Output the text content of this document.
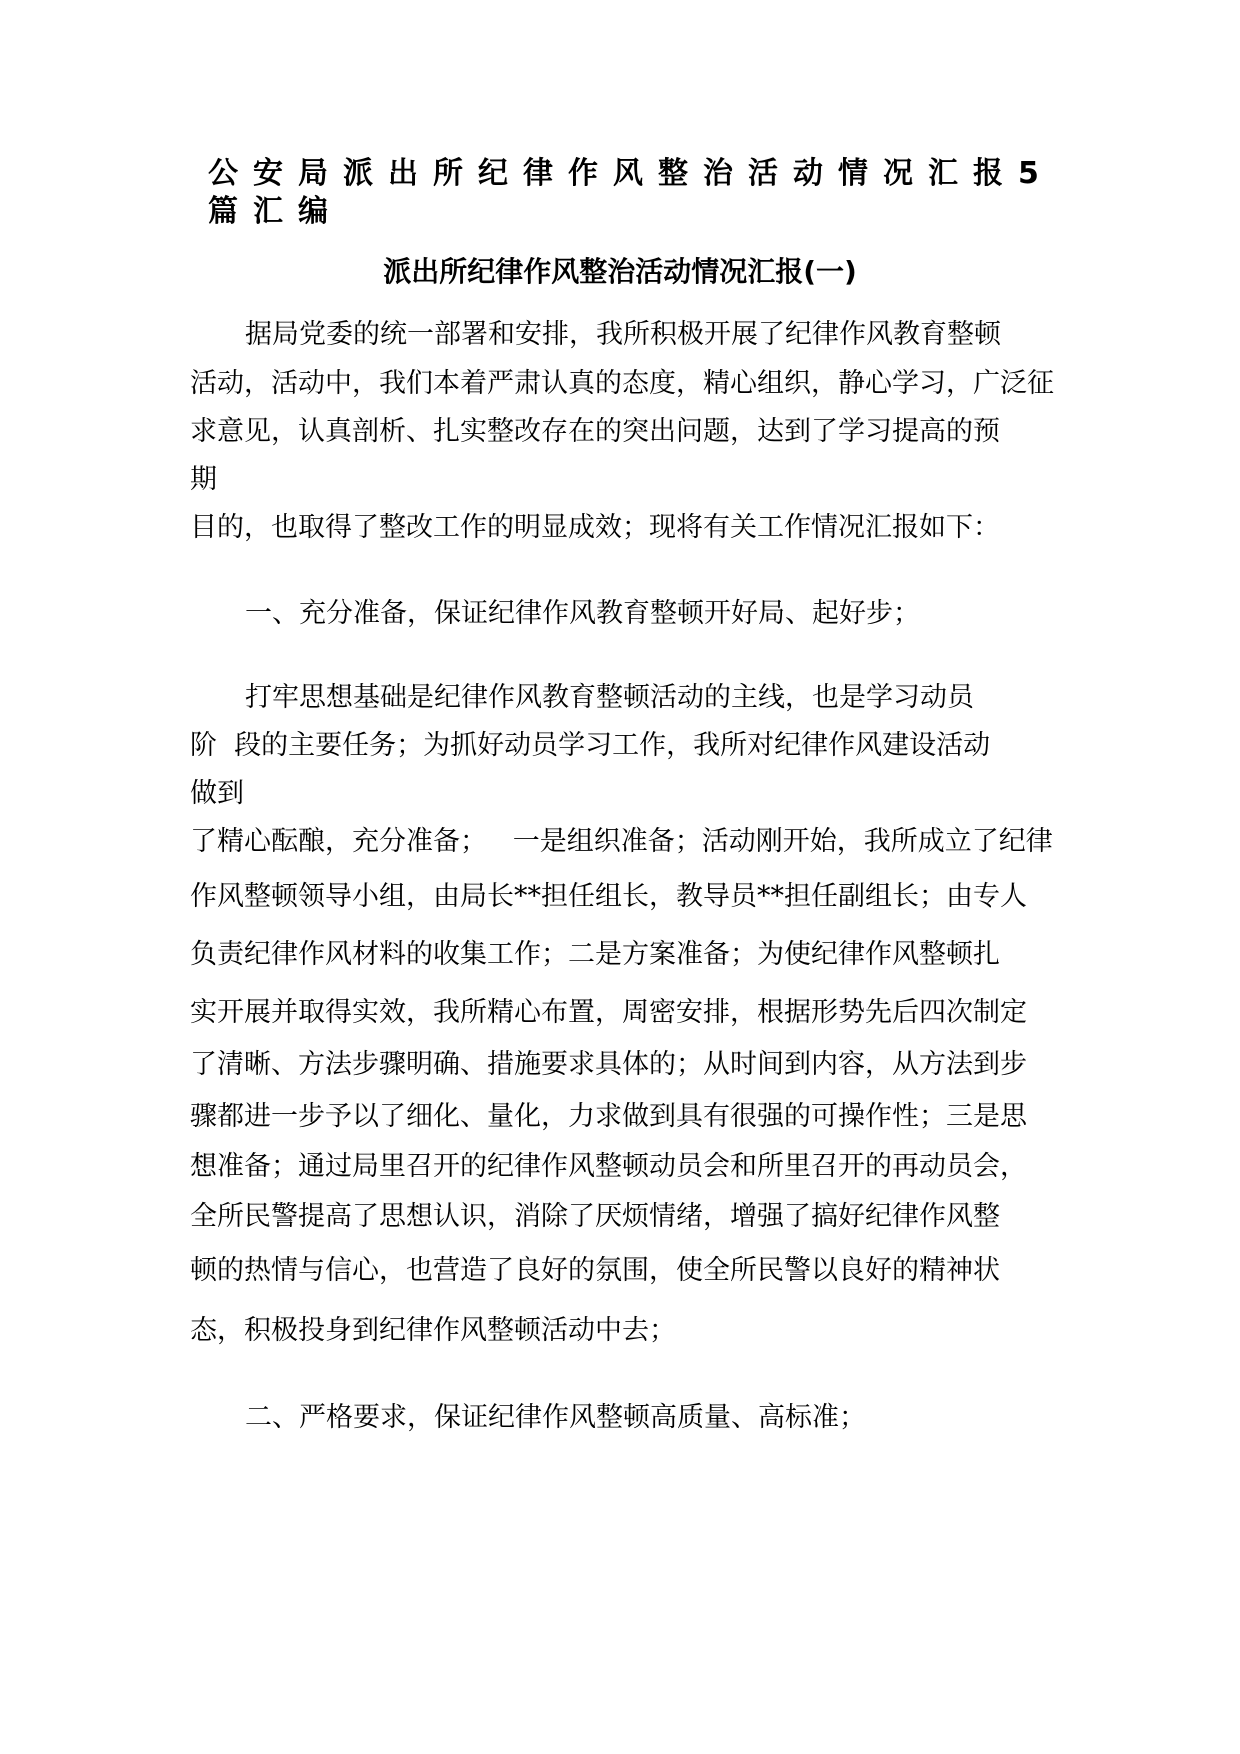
公安局派出所纪律作风整治活动情况汇报5篇汇编
派出所纪律作风整治活动情况汇报(一)

据局党委的统一部署和安排，我所积极开展了纪律作风教育整顿

活动，活动中，我们本着严肃认真的态度，精心组织，静心学习，广泛征

求意见，认真剖析、扎实整改存在的突出问题，达到了学习提高的预

期

目的，也取得了整改工作的明显成效；现将有关工作情况汇报如下：

一、充分准备，保证纪律作风教育整顿开好局、起好步；

打牢思想基础是纪律作风教育整顿活动的主线，也是学习动员

阶  段的主要任务；为抓好动员学习工作，我所对纪律作风建设活动

做到

了精心酝酿，充分准备；   一是组织准备；活动刚开始，我所成立了纪律

作风整顿领导小组，由局长**担任组长，教导员**担任副组长；由专人

负责纪律作风材料的收集工作；二是方案准备；为使纪律作风整顿扎

实开展并取得实效，我所精心布置，周密安排，根据形势先后四次制定

了清晰、方法步骤明确、措施要求具体的；从时间到内容，从方法到步

骤都进一步予以了细化、量化，力求做到具有很强的可操作性；三是思

想准备；通过局里召开的纪律作风整顿动员会和所里召开的再动员会，

全所民警提高了思想认识，消除了厌烦情绪，增强了搞好纪律作风整

顿的热情与信心，也营造了良好的氛围，使全所民警以良好的精神状

态，积极投身到纪律作风整顿活动中去；

二、严格要求，保证纪律作风整顿高质量、高标准；
